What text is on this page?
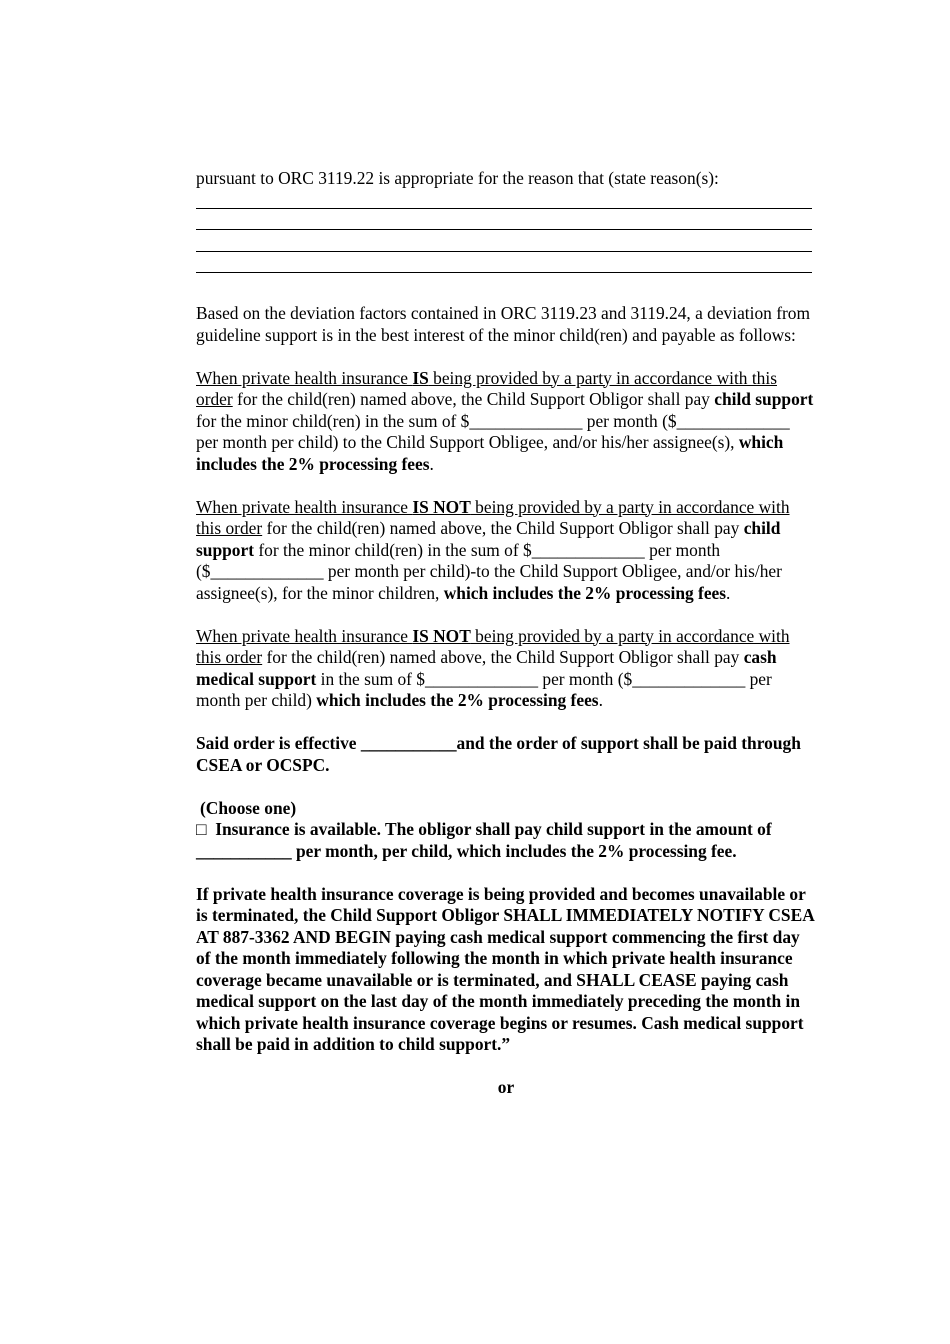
pursuant to ORC 3119.22 is appropriate for the reason that (state reason(s):

Based on the deviation factors contained in ORC 3119.23 and 3119.24, a deviation from guideline support is in the best interest of the minor child(ren) and payable as follows:

When private health insurance IS being provided by a party in accordance with this order for the child(ren) named above, the Child Support Obligor shall pay child support for the minor child(ren) in the sum of $_____________ per month ($_____________ per month per child) to the Child Support Obligee, and/or his/her assignee(s), which includes the 2% processing fees.

When private health insurance IS NOT being provided by a party in accordance with this order for the child(ren) named above, the Child Support Obligor shall pay child support for the minor child(ren) in the sum of $_____________ per month ($_____________ per month per child)-to the Child Support Obligee, and/or his/her assignee(s), for the minor children, which includes the 2% processing fees.

When private health insurance IS NOT being provided by a party in accordance with this order for the child(ren) named above, the Child Support Obligor shall pay cash medical support in the sum of $_____________ per month ($_____________ per month per child) which includes the 2% processing fees.

Said order is effective ___________and the order of support shall be paid through CSEA or OCSPC.

(Choose one)

□ Insurance is available. The obligor shall pay child support in the amount of ___________ per month, per child, which includes the 2% processing fee.

If private health insurance coverage is being provided and becomes unavailable or is terminated, the Child Support Obligor SHALL IMMEDIATELY NOTIFY CSEA AT 887-3362 AND BEGIN paying cash medical support commencing the first day of the month immediately following the month in which private health insurance coverage became unavailable or is terminated, and SHALL CEASE paying cash medical support on the last day of the month immediately preceding the month in which private health insurance coverage begins or resumes. Cash medical support shall be paid in addition to child support.”

or
